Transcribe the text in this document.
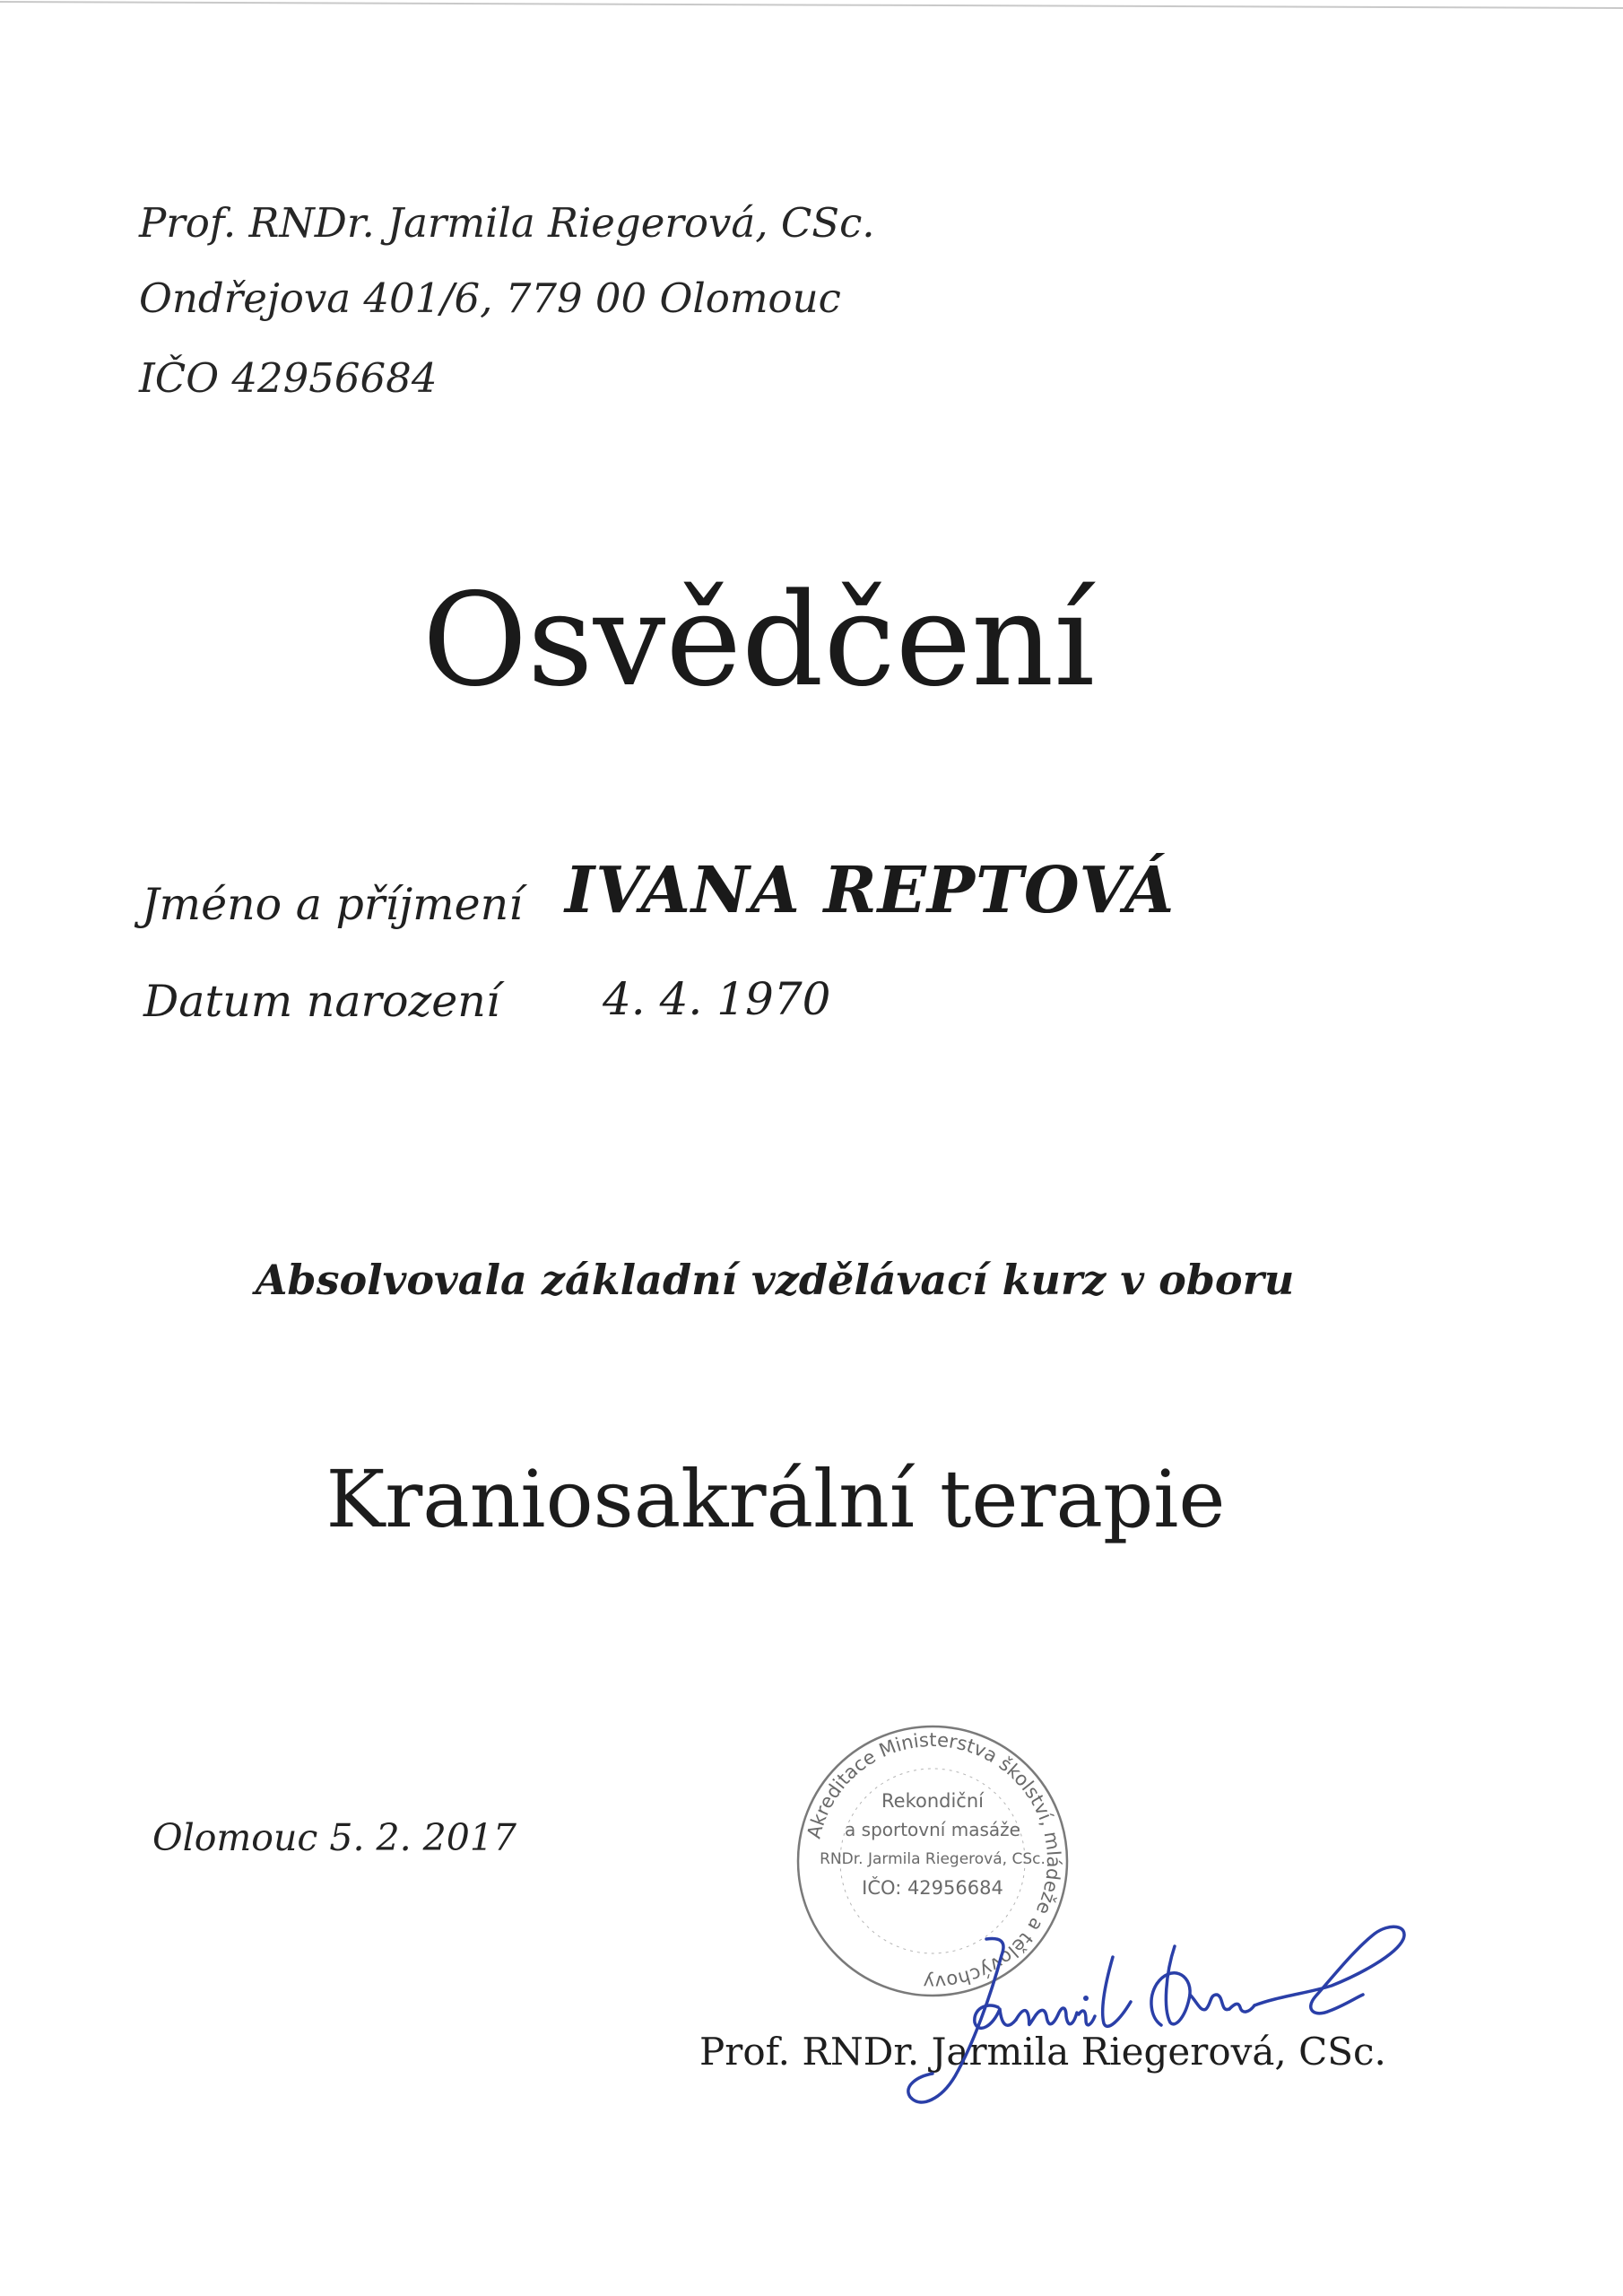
Prof. RNDr. Jarmila Riegerová, CSc.
Ondřejova 401/6, 779 00 Olomouc
IČO 42956684
Osvědčení
Jméno a příjmení IVANA REPTOVÁ
Datum narození 4. 4. 1970
Absolvovala základní vzdělávací kurz v oboru
Kraniosakrální terapie
Olomouc 5. 2. 2017	Akreditace Ministerstva školství, mládeže a tělovýchovy
Rekondiční
a sportovní masáže
RNDr. Jarmila Riegerová, CSc.
IČO: 42956684
Prof. RNDr. Jarmila Riegerová, CSc.
